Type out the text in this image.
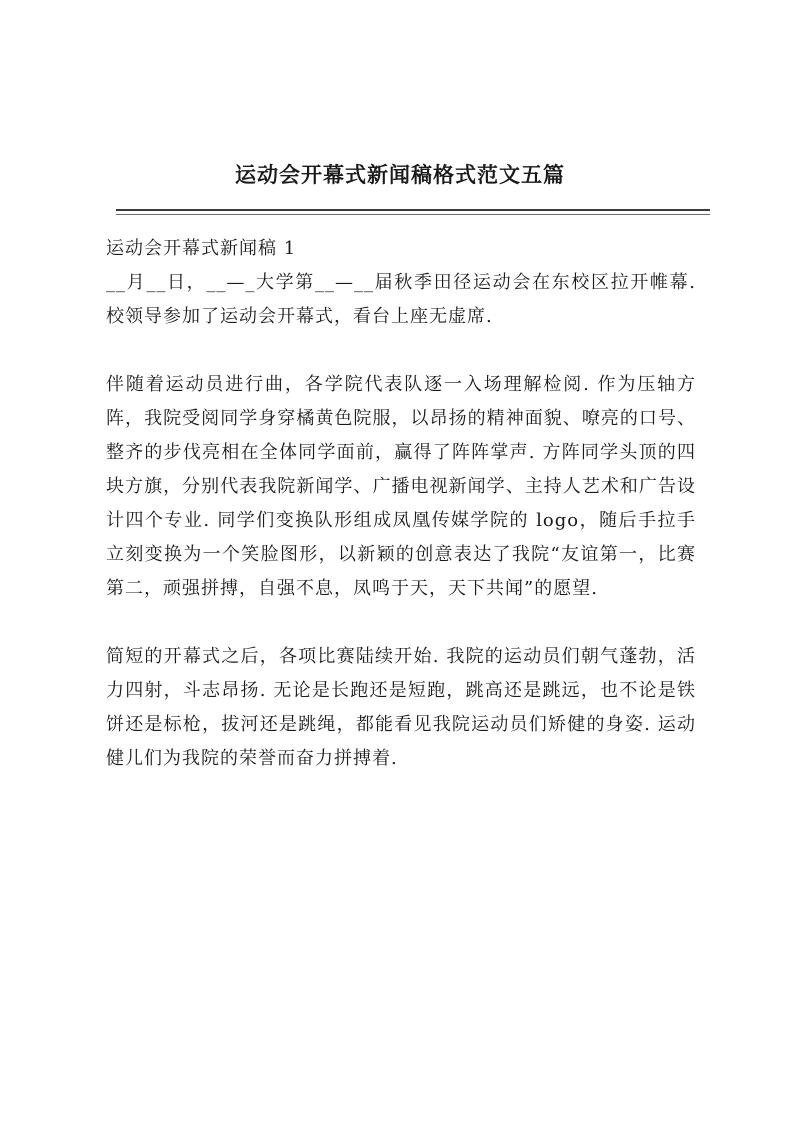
运动会开幕式新闻稿格式范文五篇
运动会开幕式新闻稿 1

__月__日，__—_大学第__—__届秋季田径运动会在东校区拉开帷幕. 校领导参加了运动会开幕式，看台上座无虚席.

伴随着运动员进行曲，各学院代表队逐一入场理解检阅. 作为压轴方阵，我院受阅同学身穿橘黄色院服，以昂扬的精神面貌、嘹亮的口号、整齐的步伐亮相在全体同学面前，赢得了阵阵掌声. 方阵同学头顶的四块方旗，分别代表我院新闻学、广播电视新闻学、主持人艺术和广告设计四个专业. 同学们变换队形组成凤凰传媒学院的 logo，随后手拉手立刻变换为一个笑脸图形，以新颖的创意表达了我院“友谊第一，比赛第二，顽强拼搏，自强不息，凤鸣于天，天下共闻”的愿望.

简短的开幕式之后，各项比赛陆续开始. 我院的运动员们朝气蓬勃，活力四射，斗志昂扬. 无论是长跑还是短跑，跳高还是跳远，也不论是铁饼还是标枪，拔河还是跳绳，都能看见我院运动员们矫健的身姿. 运动健儿们为我院的荣誉而奋力拼搏着.
